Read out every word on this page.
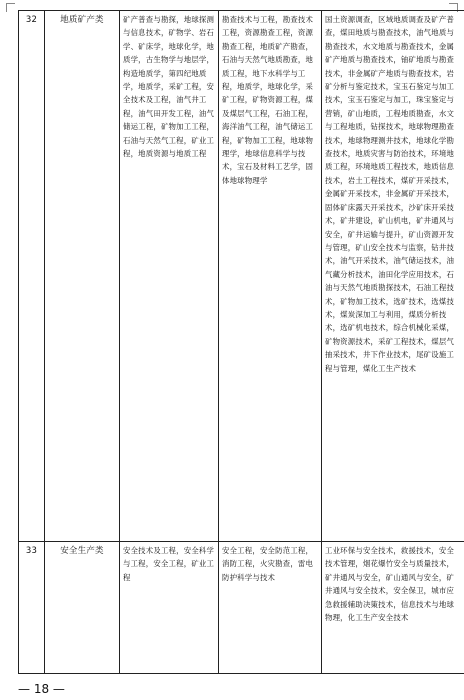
32	地质矿产类	矿产普查与勘探，地球探测与信息技术，矿物学、岩石学、矿床学，地球化学，地质学，古生物学与地层学，构造地质学，第四纪地质学，地质学，采矿工程，安全技术及工程，油气井工程，油气田开发工程，油气储运工程，矿物加工工程，石油与天然气工程，矿业工程，地质资源与地质工程	勘查技术与工程，勘查技术工程，资源勘查工程，资源勘查工程，地质矿产勘查，石油与天然气地质勘查，地质工程，地下水科学与工程，地质学，地球化学，采矿工程，矿物资源工程，煤及煤层气工程，石油工程，海洋油气工程，油气储运工程，矿物加工工程，地球物理学，地球信息科学与技术，宝石及材料工艺学，固体地球物理学	国土资源调查，区域地质调查及矿产普查，煤田地质与勘查技术，油气地质与勘查技术，水文地质与勘查技术，金属矿产地质与勘查技术，铀矿地质与勘查技术，非金属矿产地质与勘查技术，岩矿分析与鉴定技术，宝玉石鉴定与加工技术，宝玉石鉴定与加工，珠宝鉴定与营销，矿山地质，工程地质勘查，水文与工程地质，钻探技术，地球物理勘查技术，地球物理测井技术，地球化学勘查技术，地质灾害与防治技术，环境地质工程，环境地质工程技术，地质信息技术，岩土工程技术，煤矿开采技术，金属矿开采技术，非金属矿开采技术，固体矿床露天开采技术，沙矿床开采技术，矿井建设，矿山机电，矿井通风与安全，矿井运输与提升，矿山资源开发与管理，矿山安全技术与监察，钻井技术，油气开采技术，油气储运技术，油气藏分析技术，油田化学应用技术，石油与天然气地质勘探技术，石油工程技术，矿物加工技术，选矿技术，选煤技术，煤炭深加工与利用，煤质分析技术，选矿机电技术，综合机械化采煤，矿物资源技术，采矿工程技术，煤层气抽采技术，井下作业技术，尾矿设施工程与管理，煤化工生产技术
33	安全生产类	安全技术及工程，安全科学与工程，安全工程，矿业工程	安全工程，安全防范工程，消防工程，火灾勘查，雷电防护科学与技术	工业环保与安全技术，救援技术，安全技术管理，烟花爆竹安全与质量技术，矿井通风与安全，矿山通风与安全，矿井通风与安全技术，安全保卫，城市应急救援辅助决策技术，信息技术与地球物理，化工生产安全技术
— 18 —
